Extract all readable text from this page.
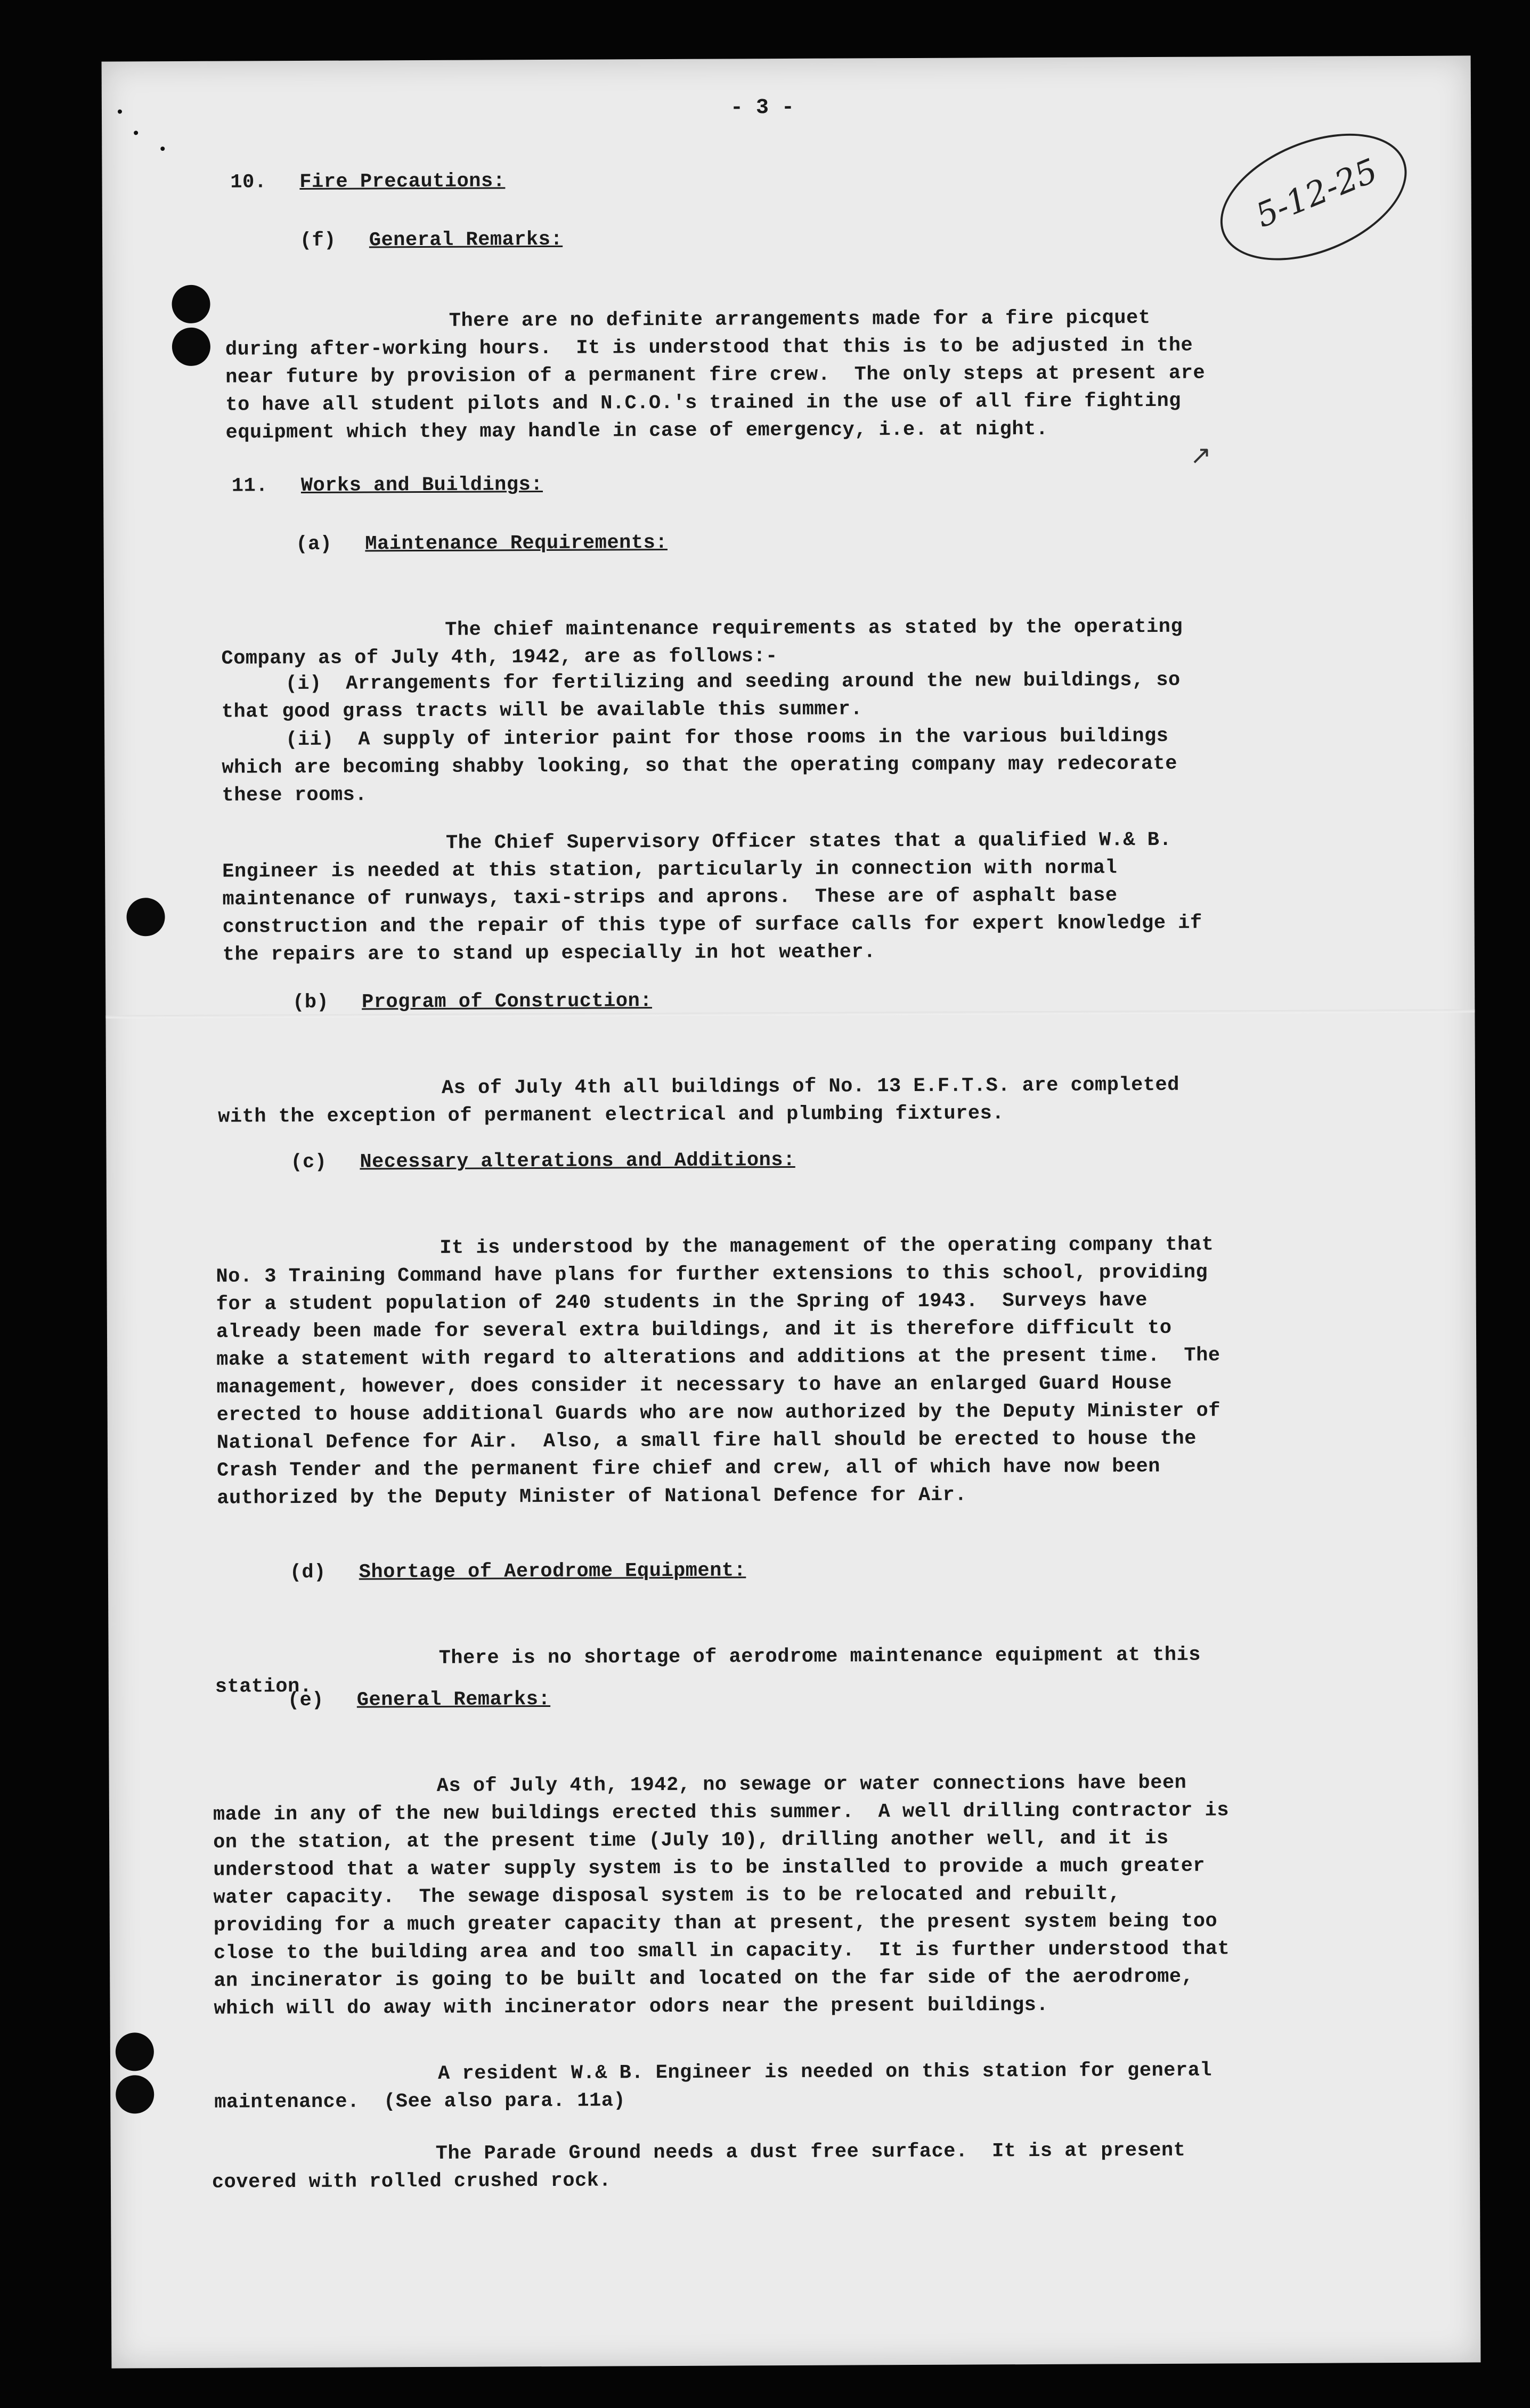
5-12-25
↗
- 3 -

10. Fire Precautions:

(f) General Remarks:

There are no definite arrangements made for a fire picquet during after-working hours.  It is understood that this is to be adjusted in the near future by provision of a permanent fire crew.  The only steps at present are to have all student pilots and N.C.O.'s trained in the use of all fire fighting equipment which they may handle in case of emergency, i.e. at night.

11. Works and Buildings:

(a) Maintenance Requirements:

The chief maintenance requirements as stated by the operating Company as of July 4th, 1942, are as follows:-

(i)  Arrangements for fertilizing and seeding around the new buildings, so that good grass tracts will be available this summer.

(ii)  A supply of interior paint for those rooms in the various buildings which are becoming shabby looking, so that the operating company may redecorate these rooms.

The Chief Supervisory Officer states that a qualified W.& B. Engineer is needed at this station, particularly in connection with normal maintenance of runways, taxi-strips and aprons.  These are of asphalt base construction and the repair of this type of surface calls for expert knowledge if the repairs are to stand up especially in hot weather.

(b) Program of Construction:

As of July 4th all buildings of No. 13 E.F.T.S. are completed with the exception of permanent electrical and plumbing fixtures.

(c) Necessary alterations and Additions:

It is understood by the management of the operating company that No. 3 Training Command have plans for further extensions to this school, providing for a student population of 240 students in the Spring of 1943.  Surveys have already been made for several extra buildings, and it is therefore difficult to make a statement with regard to alterations and additions at the present time.  The management, however, does consider it necessary to have an enlarged Guard House erected to house additional Guards who are now authorized by the Deputy Minister of National Defence for Air.  Also, a small fire hall should be erected to house the Crash Tender and the permanent fire chief and crew, all of which have now been authorized by the Deputy Minister of National Defence for Air.

(d) Shortage of Aerodrome Equipment:

There is no shortage of aerodrome maintenance equipment at this station.

(e) General Remarks:

As of July 4th, 1942, no sewage or water connections have been made in any of the new buildings erected this summer.  A well drilling contractor is on the station, at the present time (July 10), drilling another well, and it is understood that a water supply system is to be installed to provide a much greater water capacity.  The sewage disposal system is to be relocated and rebuilt, providing for a much greater capacity than at present, the present system being too close to the building area and too small in capacity.  It is further understood that an incinerator is going to be built and located on the far side of the aerodrome, which will do away with incinerator odors near the present buildings.

A resident W.& B. Engineer is needed on this station for general maintenance.  (See also para. 11a)

The Parade Ground needs a dust free surface.  It is at present covered with rolled crushed rock.
